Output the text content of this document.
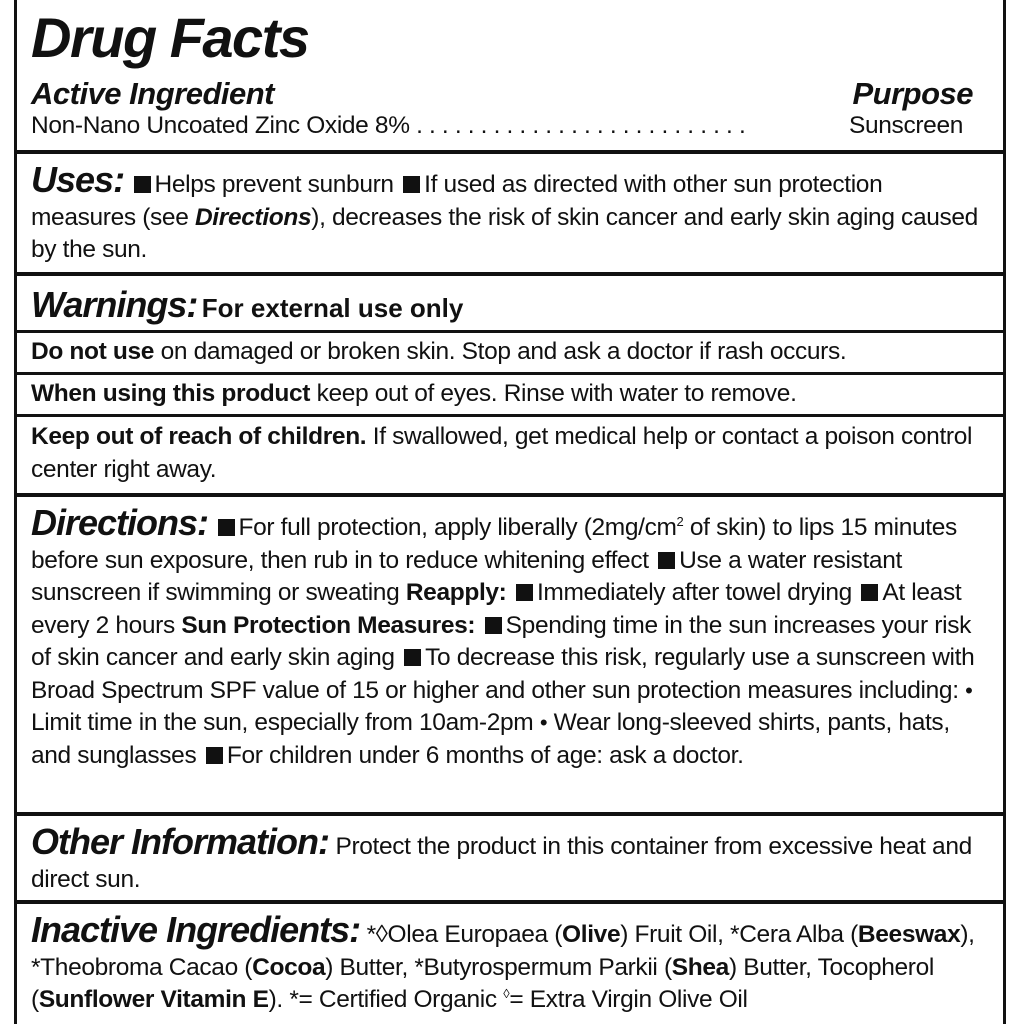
Drug Facts
Active Ingredient	Purpose
Non-Nano Uncoated Zinc Oxide 8% . . . . . . . . . . . . . . . . . . . . . . . . . .	Sunscreen
Uses: Helps prevent sunburn If used as directed with other sun protection measures (see Directions), decreases the risk of skin cancer and early skin aging caused by the sun.
Warnings: For external use only
Do not use on damaged or broken skin. Stop and ask a doctor if rash occurs.
When using this product keep out of eyes. Rinse with water to remove.
Keep out of reach of children. If swallowed, get medical help or contact a poison control center right away.
Directions: For full protection, apply liberally ($2mg/cm^2$ of skin) to lips 15 minutes before sun exposure, then rub in to reduce whitening effect Use a water resistant sunscreen if swimming or sweating Reapply: Immediately after towel drying At least every 2 hours Sun Protection Measures: Spending time in the sun increases your risk of skin cancer and early skin aging To decrease this risk, regularly use a sunscreen with Broad Spectrum SPF value of 15 or higher and other sun protection measures including: • Limit time in the sun, especially from 10am-2pm • Wear long-sleeved shirts, pants, hats, and sunglasses For children under 6 months of age: ask a doctor.
Other Information: Protect the product in this container from excessive heat and direct sun.
Inactive Ingredients: *◊Olea Europaea (Olive) Fruit Oil, *Cera Alba (Beeswax), *Theobroma Cacao (Cocoa) Butter, *Butyrospermum Parkii (Shea) Butter, Tocopherol (Sunflower Vitamin E). *= Certified Organic ◊= Extra Virgin Olive Oil
